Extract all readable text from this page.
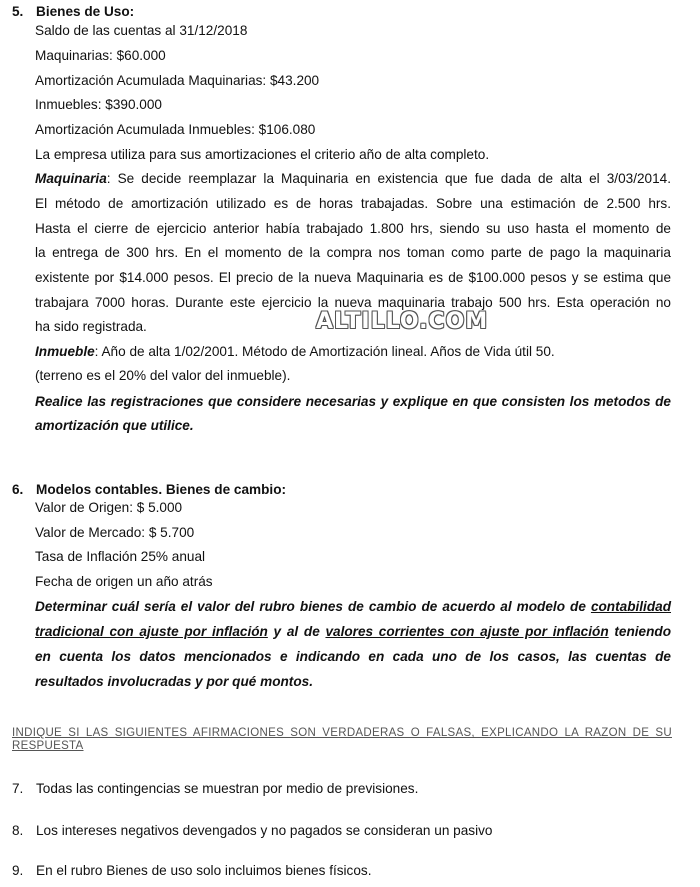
5. Bienes de Uso:
Saldo de las cuentas al 31/12/2018
Maquinarias: $60.000
Amortización Acumulada Maquinarias: $43.200
Inmuebles: $390.000
Amortización Acumulada Inmuebles: $106.080
La empresa utiliza para sus amortizaciones el criterio año de alta completo.
Maquinaria: Se decide reemplazar la Maquinaria en existencia que fue dada de alta el 3/03/2014.
El método de amortización utilizado es de horas trabajadas. Sobre una estimación de 2.500 hrs.
Hasta el cierre de ejercicio anterior había trabajado 1.800 hrs, siendo su uso hasta el momento de
la entrega de 300 hrs. En el momento de la compra nos toman como parte de pago la maquinaria
existente por $14.000 pesos. El precio de la nueva Maquinaria es de $100.000 pesos y se estima que
trabajara 7000 horas. Durante este ejercicio la nueva maquinaria trabajo 500 hrs. Esta operación no
ha sido registrada.	ALTILLO.COM
Inmueble: Año de alta 1/02/2001. Método de Amortización lineal. Años de Vida útil 50.
(terreno es el 20% del valor del inmueble).
Realice las registraciones que considere necesarias y explique en que consisten los metodos de
amortización que utilice.
6. Modelos contables. Bienes de cambio:
Valor de Origen: $ 5.000
Valor de Mercado: $ 5.700
Tasa de Inflación 25% anual
Fecha de origen un año atrás
Determinar cuál sería el valor del rubro bienes de cambio de acuerdo al modelo de contabilidad
tradicional con ajuste por inflación y al de valores corrientes con ajuste por inflación teniendo
en cuenta los datos mencionados e indicando en cada uno de los casos, las cuentas de
resultados involucradas y por qué montos.
INDIQUE SI LAS SIGUIENTES AFIRMACIONES SON VERDADERAS O FALSAS, EXPLICANDO LA RAZON DE SU RESPUESTA
7. Todas las contingencias se muestran por medio de previsiones.
8. Los intereses negativos devengados y no pagados se consideran un pasivo
9. En el rubro Bienes de uso solo incluimos bienes físicos.
